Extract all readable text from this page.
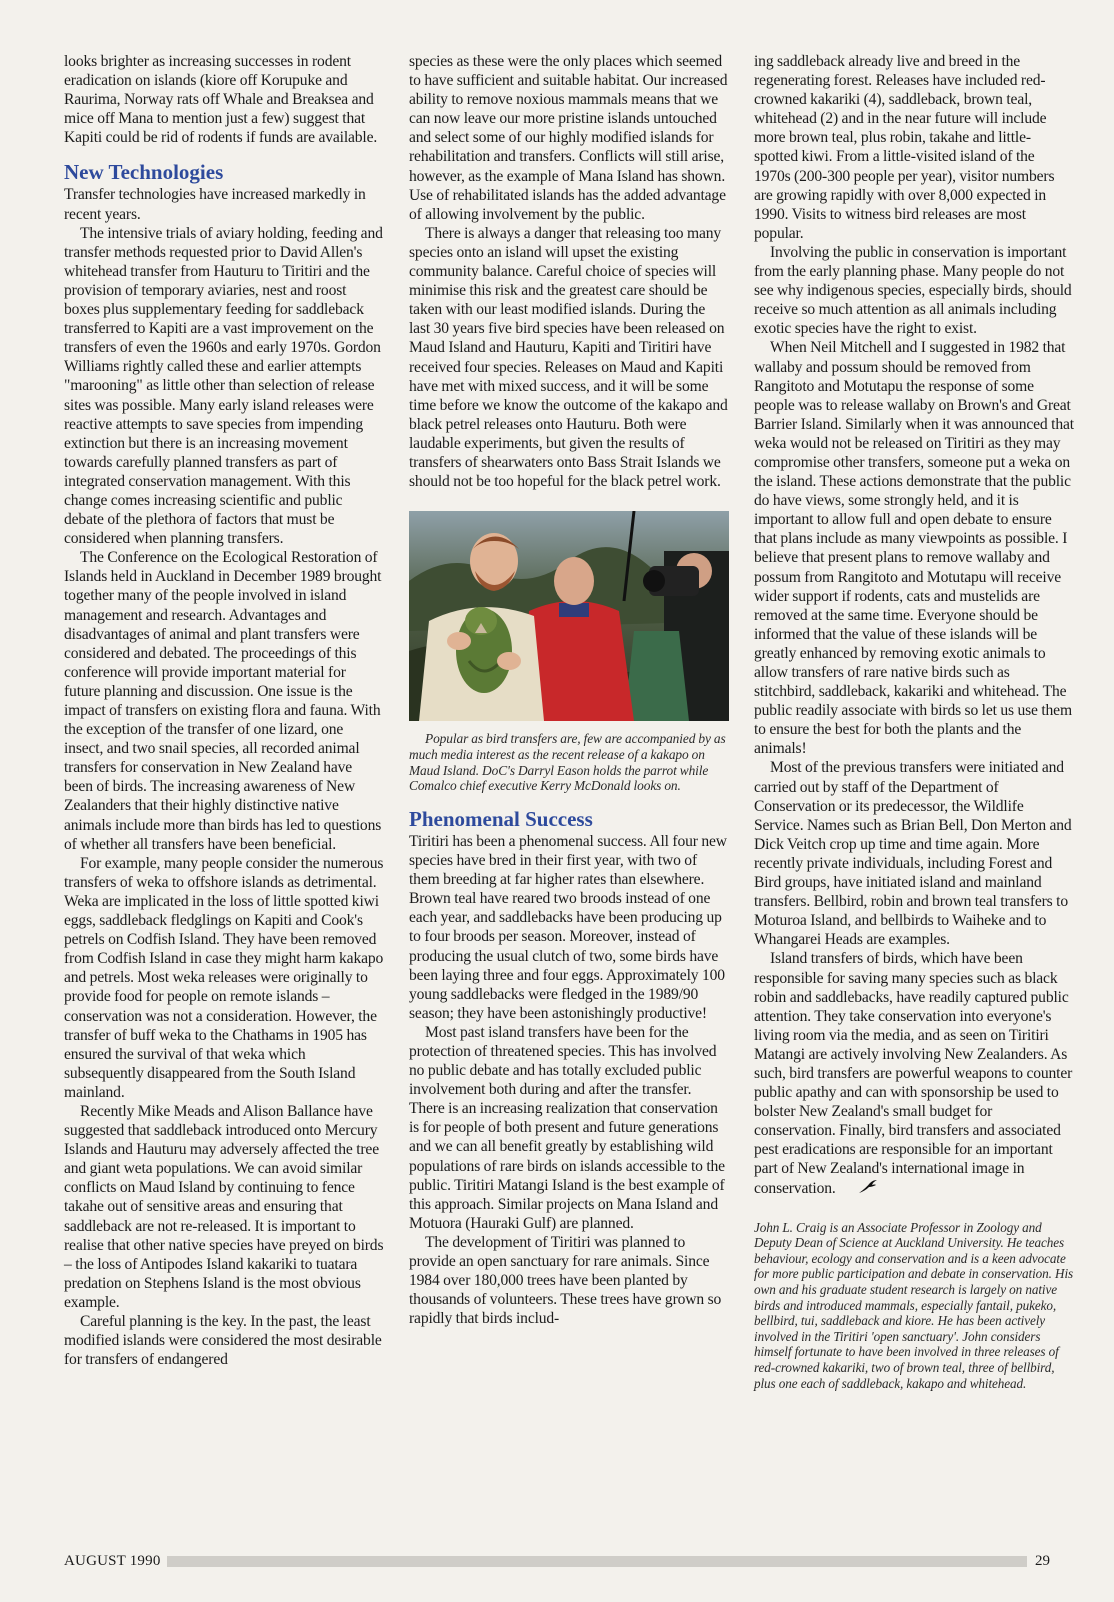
looks brighter as increasing successes in rodent eradication on islands (kiore off Korupuke and Raurima, Norway rats off Whale and Breaksea and mice off Mana to mention just a few) suggest that Kapiti could be rid of rodents if funds are available.

New Technologies

Transfer technologies have increased markedly in recent years.

The intensive trials of aviary holding, feeding and transfer methods requested prior to David Allen's whitehead transfer from Hauturu to Tiritiri and the provision of temporary aviaries, nest and roost boxes plus supplementary feeding for saddleback transferred to Kapiti are a vast improvement on the transfers of even the 1960s and early 1970s. Gordon Williams rightly called these and earlier attempts "marooning" as little other than selection of release sites was possible. Many early island releases were reactive attempts to save species from impending extinction but there is an increasing movement towards carefully planned transfers as part of integrated conservation management. With this change comes increasing scientific and public debate of the plethora of factors that must be considered when planning transfers.

The Conference on the Ecological Restoration of Islands held in Auckland in December 1989 brought together many of the people involved in island management and research. Advantages and disadvantages of animal and plant transfers were considered and debated. The proceedings of this conference will provide important material for future planning and discussion. One issue is the impact of transfers on existing flora and fauna. With the exception of the transfer of one lizard, one insect, and two snail species, all recorded animal transfers for conservation in New Zealand have been of birds. The increasing awareness of New Zealanders that their highly distinctive native animals include more than birds has led to questions of whether all transfers have been beneficial.

For example, many people consider the numerous transfers of weka to offshore islands as detrimental. Weka are implicated in the loss of little spotted kiwi eggs, saddleback fledglings on Kapiti and Cook's petrels on Codfish Island. They have been removed from Codfish Island in case they might harm kakapo and petrels. Most weka releases were originally to provide food for people on remote islands – conservation was not a consideration. However, the transfer of buff weka to the Chathams in 1905 has ensured the survival of that weka which subsequently disappeared from the South Island mainland.

Recently Mike Meads and Alison Ballance have suggested that saddleback introduced onto Mercury Islands and Hauturu may adversely affected the tree and giant weta populations. We can avoid similar conflicts on Maud Island by continuing to fence takahe out of sensitive areas and ensuring that saddleback are not re-released. It is important to realise that other native species have preyed on birds – the loss of Antipodes Island kakariki to tuatara predation on Stephens Island is the most obvious example.

Careful planning is the key. In the past, the least modified islands were considered the most desirable for transfers of endangered

species as these were the only places which seemed to have sufficient and suitable habitat. Our increased ability to remove noxious mammals means that we can now leave our more pristine islands untouched and select some of our highly modified islands for rehabilitation and transfers. Conflicts will still arise, however, as the example of Mana Island has shown. Use of rehabilitated islands has the added advantage of allowing involvement by the public.

There is always a danger that releasing too many species onto an island will upset the existing community balance. Careful choice of species will minimise this risk and the greatest care should be taken with our least modified islands. During the last 30 years five bird species have been released on Maud Island and Hauturu, Kapiti and Tiritiri have received four species. Releases on Maud and Kapiti have met with mixed success, and it will be some time before we know the outcome of the kakapo and black petrel releases onto Hauturu. Both were laudable experiments, but given the results of transfers of shearwaters onto Bass Strait Islands we should not be too hopeful for the black petrel work.

Popular as bird transfers are, few are accompanied by as much media interest as the recent release of a kakapo on Maud Island. DoC's Darryl Eason holds the parrot while Comalco chief executive Kerry McDonald looks on.

Phenomenal Success

Tiritiri has been a phenomenal success. All four new species have bred in their first year, with two of them breeding at far higher rates than elsewhere. Brown teal have reared two broods instead of one each year, and saddlebacks have been producing up to four broods per season. Moreover, instead of producing the usual clutch of two, some birds have been laying three and four eggs. Approximately 100 young saddlebacks were fledged in the 1989/90 season; they have been astonishingly productive!

Most past island transfers have been for the protection of threatened species. This has involved no public debate and has totally excluded public involvement both during and after the transfer. There is an increasing realization that conservation is for people of both present and future generations and we can all benefit greatly by establishing wild populations of rare birds on islands accessible to the public. Tiritiri Matangi Island is the best example of this approach. Similar projects on Mana Island and Motuora (Hauraki Gulf) are planned.

The development of Tiritiri was planned to provide an open sanctuary for rare animals. Since 1984 over 180,000 trees have been planted by thousands of volunteers. These trees have grown so rapidly that birds includ-

ing saddleback already live and breed in the regenerating forest. Releases have included red-crowned kakariki (4), saddleback, brown teal, whitehead (2) and in the near future will include more brown teal, plus robin, takahe and little-spotted kiwi. From a little-visited island of the 1970s (200-300 people per year), visitor numbers are growing rapidly with over 8,000 expected in 1990. Visits to witness bird releases are most popular.

Involving the public in conservation is important from the early planning phase. Many people do not see why indigenous species, especially birds, should receive so much attention as all animals including exotic species have the right to exist.

When Neil Mitchell and I suggested in 1982 that wallaby and possum should be removed from Rangitoto and Motutapu the response of some people was to release wallaby on Brown's and Great Barrier Island. Similarly when it was announced that weka would not be released on Tiritiri as they may compromise other transfers, someone put a weka on the island. These actions demonstrate that the public do have views, some strongly held, and it is important to allow full and open debate to ensure that plans include as many viewpoints as possible. I believe that present plans to remove wallaby and possum from Rangitoto and Motutapu will receive wider support if rodents, cats and mustelids are removed at the same time. Everyone should be informed that the value of these islands will be greatly enhanced by removing exotic animals to allow transfers of rare native birds such as stitchbird, saddleback, kakariki and whitehead. The public readily associate with birds so let us use them to ensure the best for both the plants and the animals!

Most of the previous transfers were initiated and carried out by staff of the Department of Conservation or its predecessor, the Wildlife Service. Names such as Brian Bell, Don Merton and Dick Veitch crop up time and time again. More recently private individuals, including Forest and Bird groups, have initiated island and mainland transfers. Bellbird, robin and brown teal transfers to Moturoa Island, and bellbirds to Waiheke and to Whangarei Heads are examples.

Island transfers of birds, which have been responsible for saving many species such as black robin and saddlebacks, have readily captured public attention. They take conservation into everyone's living room via the media, and as seen on Tiritiri Matangi are actively involving New Zealanders. As such, bird transfers are powerful weapons to counter public apathy and can with sponsorship be used to bolster New Zealand's small budget for conservation. Finally, bird transfers and associated pest eradications are responsible for an important part of New Zealand's international image in conservation.

John L. Craig is an Associate Professor in Zoology and Deputy Dean of Science at Auckland University. He teaches behaviour, ecology and conservation and is a keen advocate for more public participation and debate in conservation. His own and his graduate student research is largely on native birds and introduced mammals, especially fantail, pukeko, bellbird, tui, saddleback and kiore. He has been actively involved in the Tiritiri 'open sanctuary'. John considers himself fortunate to have been involved in three releases of red-crowned kakariki, two of brown teal, three of bellbird, plus one each of saddleback, kakapo and whitehead.
AUGUST 1990	29
